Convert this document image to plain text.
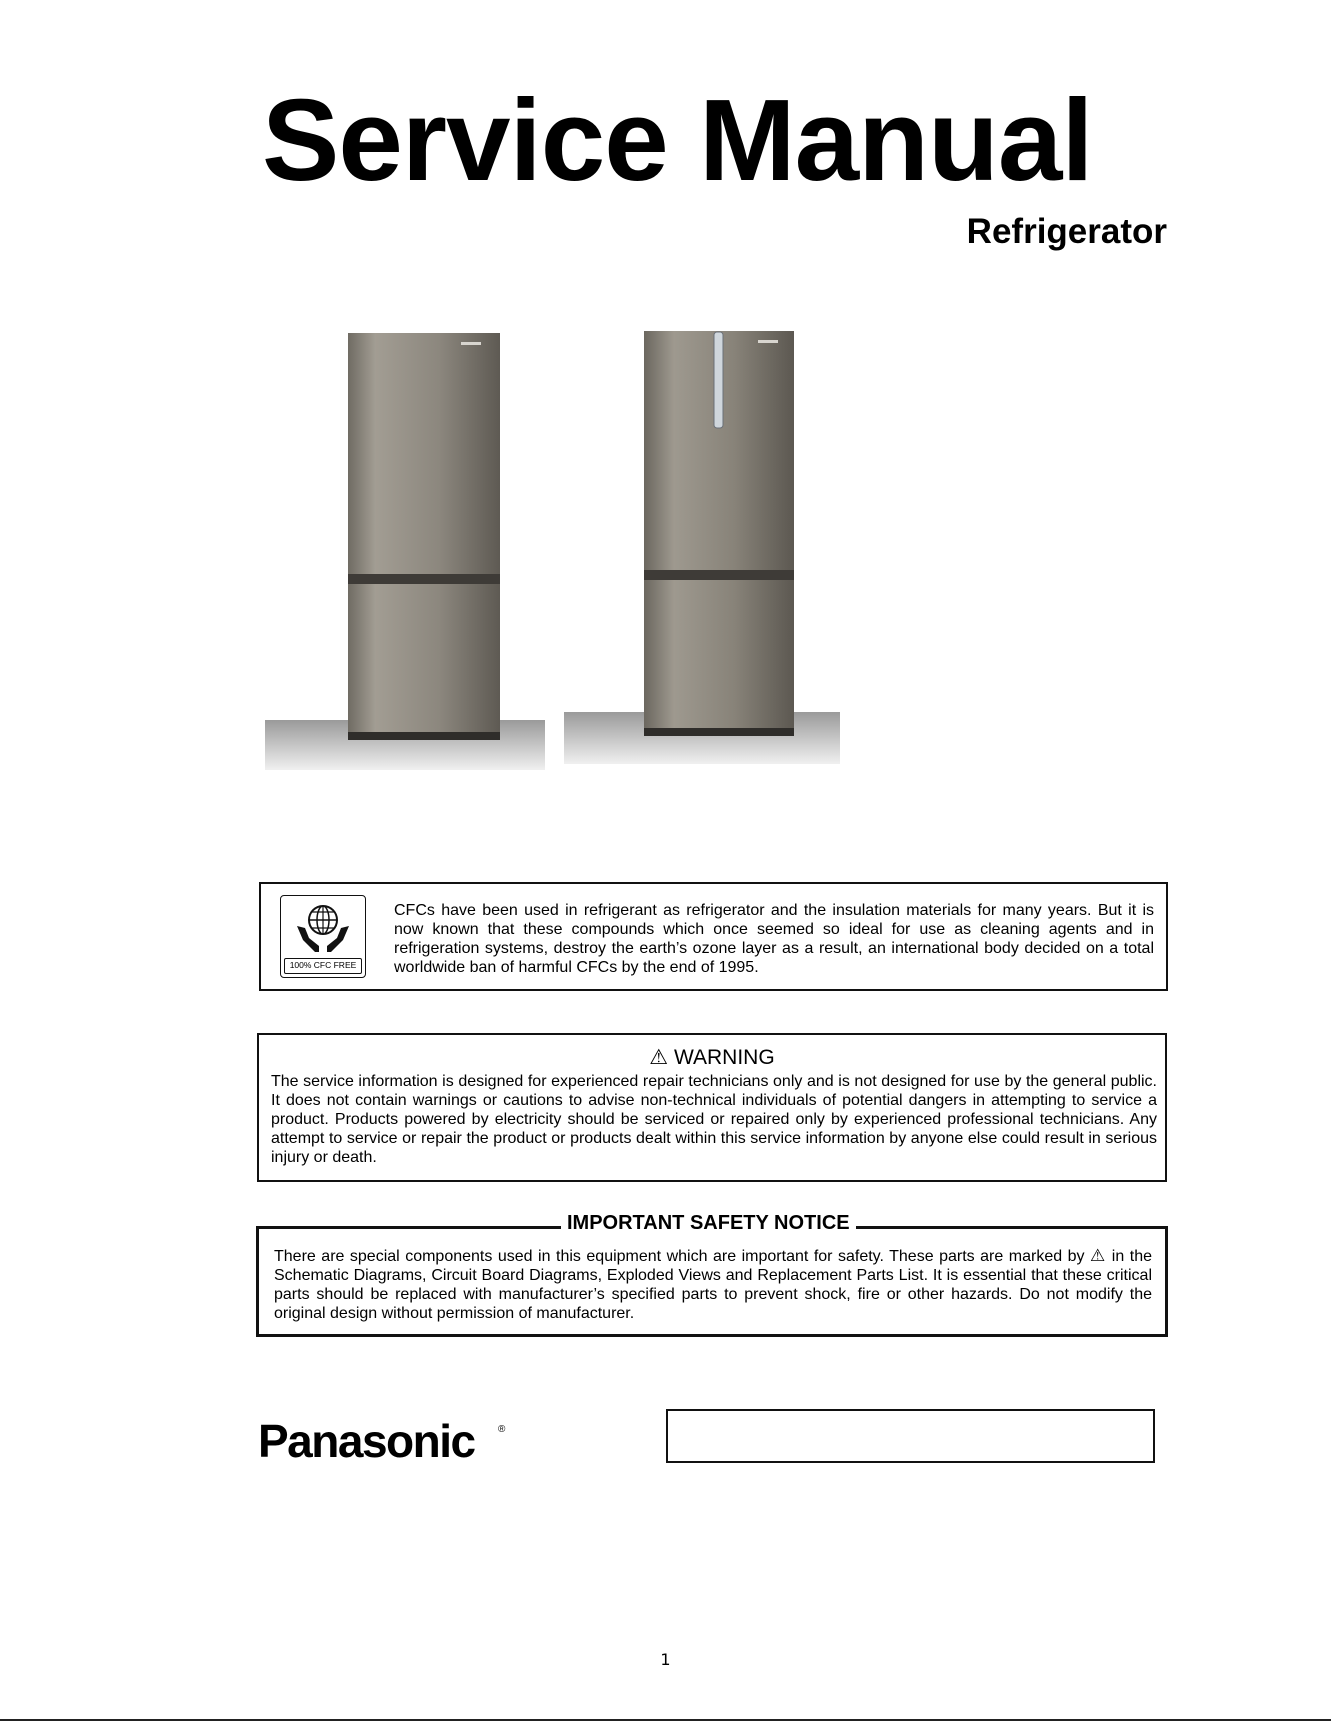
Service Manual
Refrigerator
100% CFC FREE
CFCs have been used in refrigerant as refrigerator and the insulation materials for many years. But it is now known that these compounds which once seemed so ideal for use as cleaning agents and in refrigeration systems, destroy the earth’s ozone layer as a result, an international body decided on a total worldwide ban of harmful CFCs by the end of 1995.
⚠ WARNING
The service information is designed for experienced repair technicians only and is not designed for use by the general public. It does not contain warnings or cautions to advise non-technical individuals of potential dangers in attempting to service a product. Products powered by electricity should be serviced or repaired only by experienced professional technicians. Any attempt to service or repair the product or products dealt within this service information by anyone else could result in serious injury or death.
IMPORTANT SAFETY NOTICE
There are special components used in this equipment which are important for safety. These parts are marked by ⚠ in the Schematic Diagrams, Circuit Board Diagrams, Exploded Views and Replacement Parts List. It is essential that these critical parts should be replaced with manufacturer’s specified parts to prevent shock, fire or other hazards. Do not modify the original design without permission of manufacturer.
Panasonic ®
1
